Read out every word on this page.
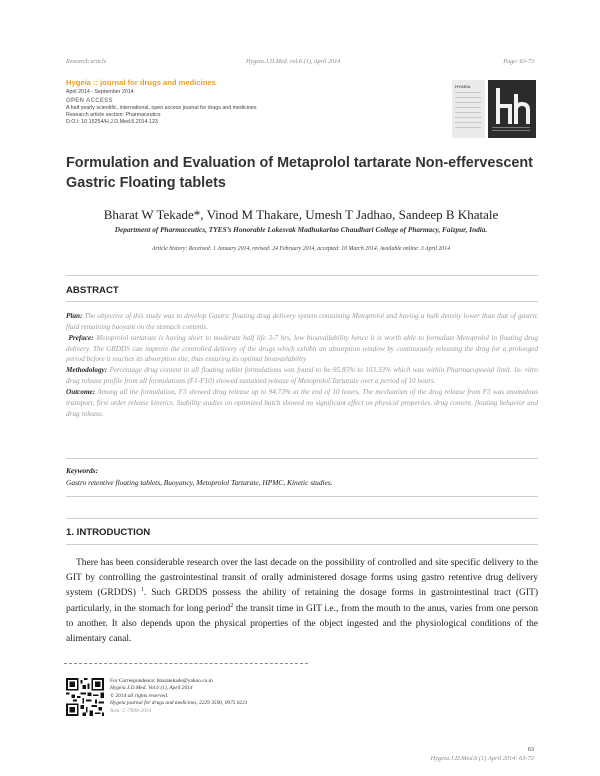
Research article	Hygeia.J.D.Med. vol.6 (1), April 2014	Page: 63-73

Hygeia :: journal for drugs and medicines

April 2014 - September 2014

OPEN ACCESS

A half yearly scientific, international, open access journal for drugs and medicines

Research article section: Pharmaceutics

D.O.I: 10.15254/H.J.D.Med.6.2014.123

HYGEIA
Formulation and Evaluation of Metaprolol tartarate Non-effervescent Gastric Floating tablets

Bharat W Tekade*, Vinod M Thakare, Umesh T Jadhao, Sandeep B Khatale

Department of Pharmaceutics, TYES’s Honorable Lokesvak Madhukarlao Chaudhari College of Pharmacy, Faizpur, India.

Article history: Received: 1 January 2014, revised: 24 February 2014, accepted: 10 March 2014, Available online: 3 April 2014

ABSTRACT

Plan: The objective of this study was to develop Gastric floating drug delivery system containing Metoprolol and having a bulk density lower than that of gastric fluid remaining buoyant on the stomach contents.

Preface: Metoprolol tartarate is having short to moderate half life 3-7 hrs, low bioavailability hence it is worth able to formulate Metoprolol in floating drug delivery. The GRDDS can improve the controlled delivery of the drugs which exhibit an absorption window by continuously releasing the drug for a prolonged period before it reaches its absorption site, thus ensuring its optimal bioavailability

Methodology: Percentage drug content in all floating tablet formulations was found to be 95.85% to 103.33% which was within Pharmacopoeial limit. In- vitro drug release profile from all formulations (F1-F10) showed sustained release of Metoprolol Tartarate over a period of 10 hours.

Outcome: Among all the formulation, F3 showed drug release up to 94.73% at the end of 10 hours. The mechanism of the drug release from F3 was anomalous transport, first order release kinetics. Stability studies on optimized batch showed no significant effect on physical properties, drug content, floating behavior and drug release.

Keywords:

Gastro retentive floating tablets, Buoyancy, Metoprolol Tartarate, HPMC, Kinetic studies.

1. INTRODUCTION

There has been considerable research over the last decade on the possibility of controlled and site specific delivery to the GIT by controlling the gastrointestinal transit of orally administered dosage forms using gastro retentive drug delivery system (GRDDS) $^1$. Such GRDDS possess the ability of retaining the dosage forms in gastrointestinal tract (GIT) particularly, in the stomach for long period$^2$ the transit time in GIT i.e., from the mouth to the anus, varies from one person to another. It also depends upon the physical properties of the object ingested and the physiological conditions of the alimentary canal.

For Correspondence: bharatekade@yahoo.co.in

Hygeia.J.D.Med. Vol.6 (1), April 2014

© 2014 all rights reserved.

Hygeia journal for drugs and medicines, 2229 3590, 0975 6221

Risk: C-7999-2014

63

Hygeia.J.D.Med.6 (1) April 2014: 63-73
